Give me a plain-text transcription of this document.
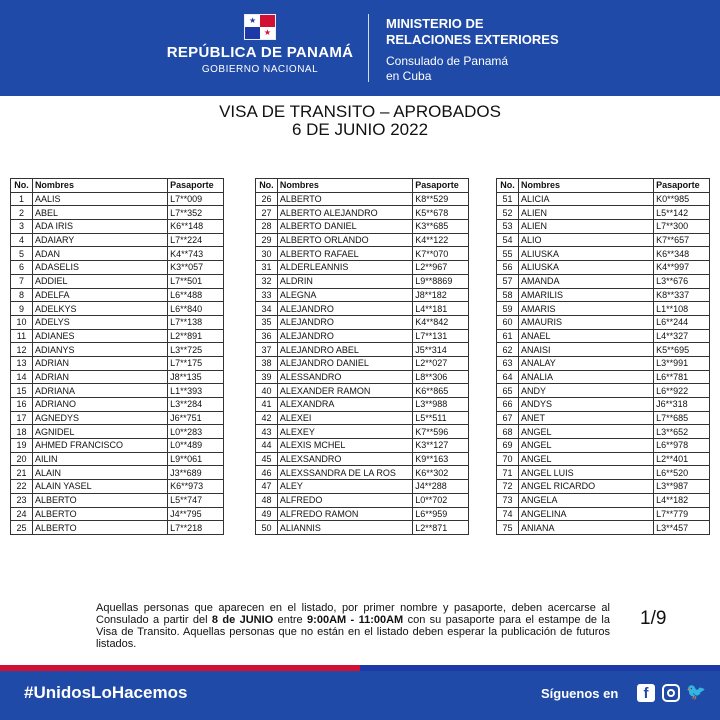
★
★
REPÚBLICA DE PANAMÁ
GOBIERNO NACIONAL
MINISTERIO DE
RELACIONES EXTERIORES
Consulado de Panamá
en Cuba
VISA DE TRANSITO – APROBADOS
6 DE JUNIO 2022
No.	Nombres	Pasaporte
1	AALIS	L7**009
2	ABEL	L7**352
3	ADA IRIS	K6**148
4	ADAIARY	L7**224
5	ADAN	K4**743
6	ADASELIS	K3**057
7	ADDIEL	L7**501
8	ADELFA	L6**488
9	ADELKYS	L6**840
10	ADELYS	L7**138
11	ADIANES	L2**891
12	ADIANYS	L3**725
13	ADRIAN	L7**175
14	ADRIAN	J8**135
15	ADRIANA	L1**393
16	ADRIANO	L3**284
17	AGNEDYS	J6**751
18	AGNIDEL	L0**283
19	AHMED FRANCISCO	L0**489
20	AILIN	L9**061
21	ALAIN	J3**689
22	ALAIN YASEL	K6**973
23	ALBERTO	L5**747
24	ALBERTO	J4**795
25	ALBERTO	L7**218
No.	Nombres	Pasaporte
26	ALBERTO	K8**529
27	ALBERTO ALEJANDRO	K5**678
28	ALBERTO DANIEL	K3**685
29	ALBERTO ORLANDO	K4**122
30	ALBERTO RAFAEL	K7**070
31	ALDERLEANNIS	L2**967
32	ALDRIN	L9**8869
33	ALEGNA	J8**182
34	ALEJANDRO	L4**181
35	ALEJANDRO	K4**842
36	ALEJANDRO	L7**131
37	ALEJANDRO ABEL	J5**314
38	ALEJANDRO DANIEL	L2**027
39	ALESSANDRO	L8**306
40	ALEXANDER RAMON	K6**865
41	ALEXANDRA	L3**988
42	ALEXEI	L5**511
43	ALEXEY	K7**596
44	ALEXIS MCHEL	K3**127
45	ALEXSANDRO	K9**163
46	ALEXSSANDRA DE LA ROS	K6**302
47	ALEY	J4**288
48	ALFREDO	L0**702
49	ALFREDO RAMON	L6**959
50	ALIANNIS	L2**871
No.	Nombres	Pasaporte
51	ALICIA	K0**985
52	ALIEN	L5**142
53	ALIEN	L7**300
54	ALIO	K7**657
55	ALIUSKA	K6**348
56	ALIUSKA	K4**997
57	AMANDA	L3**676
58	AMARILIS	K8**337
59	AMARIS	L1**108
60	AMAURIS	L6**244
61	ANAEL	L4**327
62	ANAISI	K5**695
63	ANALAY	L3**991
64	ANALIA	L6**781
65	ANDY	L6**922
66	ANDYS	J6**318
67	ANET	L7**685
68	ANGEL	L3**652
69	ANGEL	L6**978
70	ANGEL	L2**401
71	ANGEL LUIS	L6**520
72	ANGEL RICARDO	L3**987
73	ANGELA	L4**182
74	ANGELINA	L7**779
75	ANIANA	L3**457
Aquellas personas que aparecen en el listado, por primer nombre y pasaporte, deben acercarse al Consulado a partir del 8 de JUNIO entre 9:00AM - 11:00AM con su pasaporte para el estampe de la Visa de Transito. Aquellas personas que no están en el listado deben esperar la publicación de futuros listados.
1/9
#UnidosLoHacemos	Síguenos en	f	🐦
